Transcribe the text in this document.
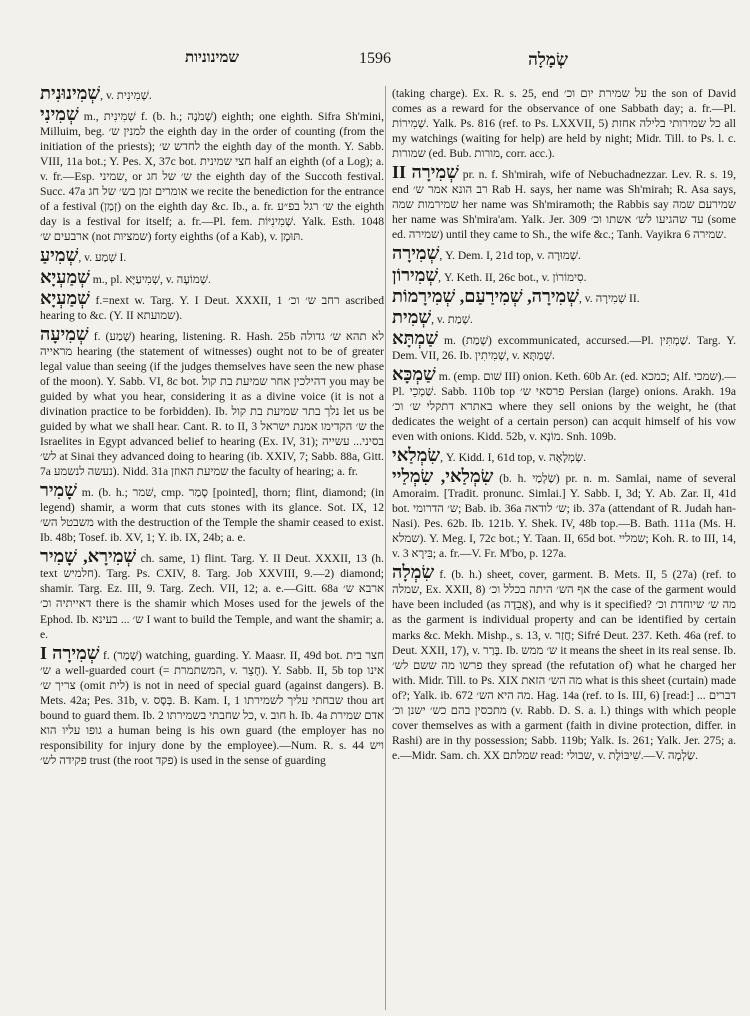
שמינוניות	1596	שְׂמָלָה

שְׁמִינוּנִית, v. שְׁמִינִית.

שְׁמִינִי m., שְׁמִינִית f. (b. h.; שְׁמֹנָה) eighth; one eighth. Sifra Sh'mini, Milluim, beg. למנין ש׳ the eighth day in the order of counting (from the initiation of the priests); לחדש ש׳ the eighth day of the month. Y. Sabb. VIII, 11a bot.; Y. Pes. X, 37c bot. חצי שמינית half an eighth (of a Log); a. v. fr.—Esp. שמיני, or ש׳ של חג the eighth day of the Succoth festival. Succ. 47a אומרים זמן בש׳ של חג we recite the benediction for the entrance of a festival (זְמַן) on the eighth day &c. Ib., a. fr. ש׳ רגל בפ״ע the eighth day is a festival for itself; a. fr.—Pl. fem. שְׁמִינִיּוֹת. Yalk. Esth. 1048 ארבעים ש׳ (not שמציות) forty eighths (of a Kab), v. תּוּמָן.

שְׁמִיעַ, v. שְׁמַע I.

שְׁמַעְיָא m., pl. שְׁמִיעַיָּא, v. שְׁמוֹעָה.

שְׁמַעְיָא f.=next w. Targ. Y. I Deut. XXXII, 1 רחב ש׳ וכ׳ ascribed hearing to &c. (Y. II שמועתא).

שְׁמִיעָה f. (שָׁמַע) hearing, listening. R. Hash. 25b לא תהא ש׳ גדולה מראייה hearing (the statement of witnesses) ought not to be of greater legal value than seeing (if the judges themselves have seen the new phase of the moon). Y. Sabb. VI, 8c bot. דהילכין אחר שמיעת בת קול you may be guided by what you hear, considering it as a divine voice (it is not a divination practice to be forbidden). Ib. נלך בתר שמיעת בת קול let us be guided by what we shall hear. Cant. R. to II, 3 ש׳ הקדימו אמנת ישראל the Israelites in Egypt advanced belief to hearing (Ex. IV, 31); בסיני... עשייה לש׳ at Sinai they advanced doing to hearing (ib. XXIV, 7; Sabb. 88a, Gitt. 7a נעשה לנשמע). Nidd. 31a שמיעת האוזן the faculty of hearing; a. fr.

שָׁמִיר m. (b. h.; שׁמר, cmp. סָמַר [pointed], thorn; flint, diamond; (in legend) shamir, a worm that cuts stones with its glance. Sot. IX, 12 משבטל הש׳ with the destruction of the Temple the shamir ceased to exist. Ib. 48b; Tosef. ib. XV, 1; Y. ib. IX, 24b; a. e.

שְׁמִירָא, שָׁמִיר ch. same, 1) flint. Targ. Y. II Deut. XXXII, 13 (h. text חלמיש). Targ. Ps. CXIV, 8. Targ. Job XXVIII, 9.—2) diamond; shamir. Targ. Ez. III, 9. Targ. Zech. VII, 12; a. e.—Gitt. 68a ארבא ש׳ דאייתיה וכ׳ there is the shamir which Moses used for the jewels of the Ephod. Ib. ש׳ ... בעינא I want to build the Temple, and want the shamir; a. e.

שְׁמִירָה I f. (שָׁמַר) watching, guarding. Y. Maasr. II, 49d bot. חצר בית ש׳ a well-guarded court (= המשתמרת, v. חָצֵר). Y. Sabb. II, 5b top אינו צריך ש׳ (omit לית) is not in need of special guard (against dangers). B. Mets. 42a; Pes. 31b, v. בְּסָס. B. Kam. I, 1 שבחתי עליך לשמירתו thou art bound to guard them. Ib. 2 כל שחבתי בשמירתו, v. חוב h. Ib. 4a אדם שמירת גופו עליו הוא a human being is his own guard (the employer has no responsibility for injury done by the employee).—Num. R. s. 44 ויש פקידה לש׳ trust (the root פקד) is used in the sense of guarding

(taking charge). Ex. R. s. 25, end על שמירת יום וכ׳ the son of David comes as a reward for the observance of one Sabbath day; a. fr.—Pl. שְׁמִירוֹת. Yalk. Ps. 816 (ref. to Ps. LXXVII, 5) כל שמירותי בלילה אחזת all my watchings (waiting for help) are held by night; Midr. Till. to Ps. l. c. שמורות (ed. Bub. מורות, corr. acc.).

שְׁמִירָה II pr. n. f. Sh'mirah, wife of Nebuchadnezzar. Lev. R. s. 19, end רב הונא אמר ש׳ Rab H. says, her name was Sh'mirah; R. Asa says, שמירמות שמה her name was Sh'miramoth; the Rabbis say שמירעם שמה her name was Sh'mira'am. Yalk. Jer. 309 עד שהגיעו לש׳ אשתו וכ׳ (some ed. שמירה) until they came to Sh., the wife &c.; Tanh. Vayikra 6 שמירה.

שְׁמִירָה, Y. Dem. I, 21d top, v. שְׁמוּרָה.

שְׁמִירוֹן, Y. Keth. II, 26c bot., v. סִימוֹרוֹן.

שְׁמִירָה, שְׁמִירַעַם, שְׁמִירָמוֹת, v. שְׁמִירָה II.

שְׁמִית, v. שְׁמַת.

שַׁמְתָּא m. (שְׁמַת) excommunicated, accursed.—Pl. שַׁמְתִּין. Targ. Y. Dem. VII, 26. Ib. שְׁמִיתִין, v. שְׁמַתָּא.

שַׁמְכָּא m. (emp. שׁום III) onion. Keth. 60b Ar. (ed. כמכא; Alf. שמכי).—Pl. שַׁמְכֵי. Sabb. 110b top פרסאי ש׳ Persian (large) onions. Arakh. 19a באתרא דתקלי ש׳ וכ׳ where they sell onions by the weight, he (that dedicates the weight of a certain person) can acquit himself of his vow even with onions. Kidd. 52b, v. מוֹנָא. Snh. 109b.

שִׂמְלַאי, Y. Kidd. I, 61d top, v. שְׂמְלָאָה.

שִׂמְלַאי, שִׂמְלַיי (b. h. שַׂלְמַי) pr. n. m. Samlai, name of several Amoraim. [Tradit. pronunc. Simlai.] Y. Sabb. I, 3d; Y. Ab. Zar. II, 41d bot. ש׳ הדרומי; Bab. ib. 36a ש׳ לודאה; ib. 37a (attendant of R. Judah han-Nasi). Pes. 62b. Ib. 121b. Y. Shek. IV, 48b top.—B. Bath. 111a (Ms. H. שמלא). Y. Meg. I, 72c bot.; Y. Taan. II, 65d bot. שמליי; Koh. R. to III, 14, v. בִּירָא 3; a. fr.—V. Fr. M'bo, p. 127a.

שִׂמְלָה f. (b. h.) sheet, cover, garment. B. Mets. II, 5 (27a) (ref. to שמלה, Ex. XXII, 8) אף הש׳ היתה בכלל וכ׳ the case of the garment would have been included (as אֲבֵדָה), and why is it specified? מה ש׳ שיוחדת וכ׳ as the garment is individual property and can be identified by certain marks &c. Mekh. Mishp., s. 13, v. חֲזַר; Sifré Deut. 237. Keth. 46a (ref. to Deut. XXII, 17), v. בָּרַר. Ib. ש׳ ממש it means the sheet in its real sense. Ib. פרשו מה ששם לש׳ they spread (the refutation of) what he charged her with. Midr. Till. to Ps. XIX מה הש׳ הזאת what is this sheet (curtain) made of?; Yalk. ib. 672 מה היא הש׳. Hag. 14a (ref. to Is. III, 6) [read:] דברים ... מתכסין בהם כש׳ ישנן וכ׳ (v. Rabb. D. S. a. l.) things with which people cover themselves as with a garment (faith in divine protection, differ. in Rashi) are in thy possession; Sabb. 119b; Yalk. Is. 261; Yalk. Jer. 275; a. e.—Midr. Sam. ch. XX שמלתם read: שבולי, v. שִׁיבּוֹלֶת.—V. שַׂלְמָה.
